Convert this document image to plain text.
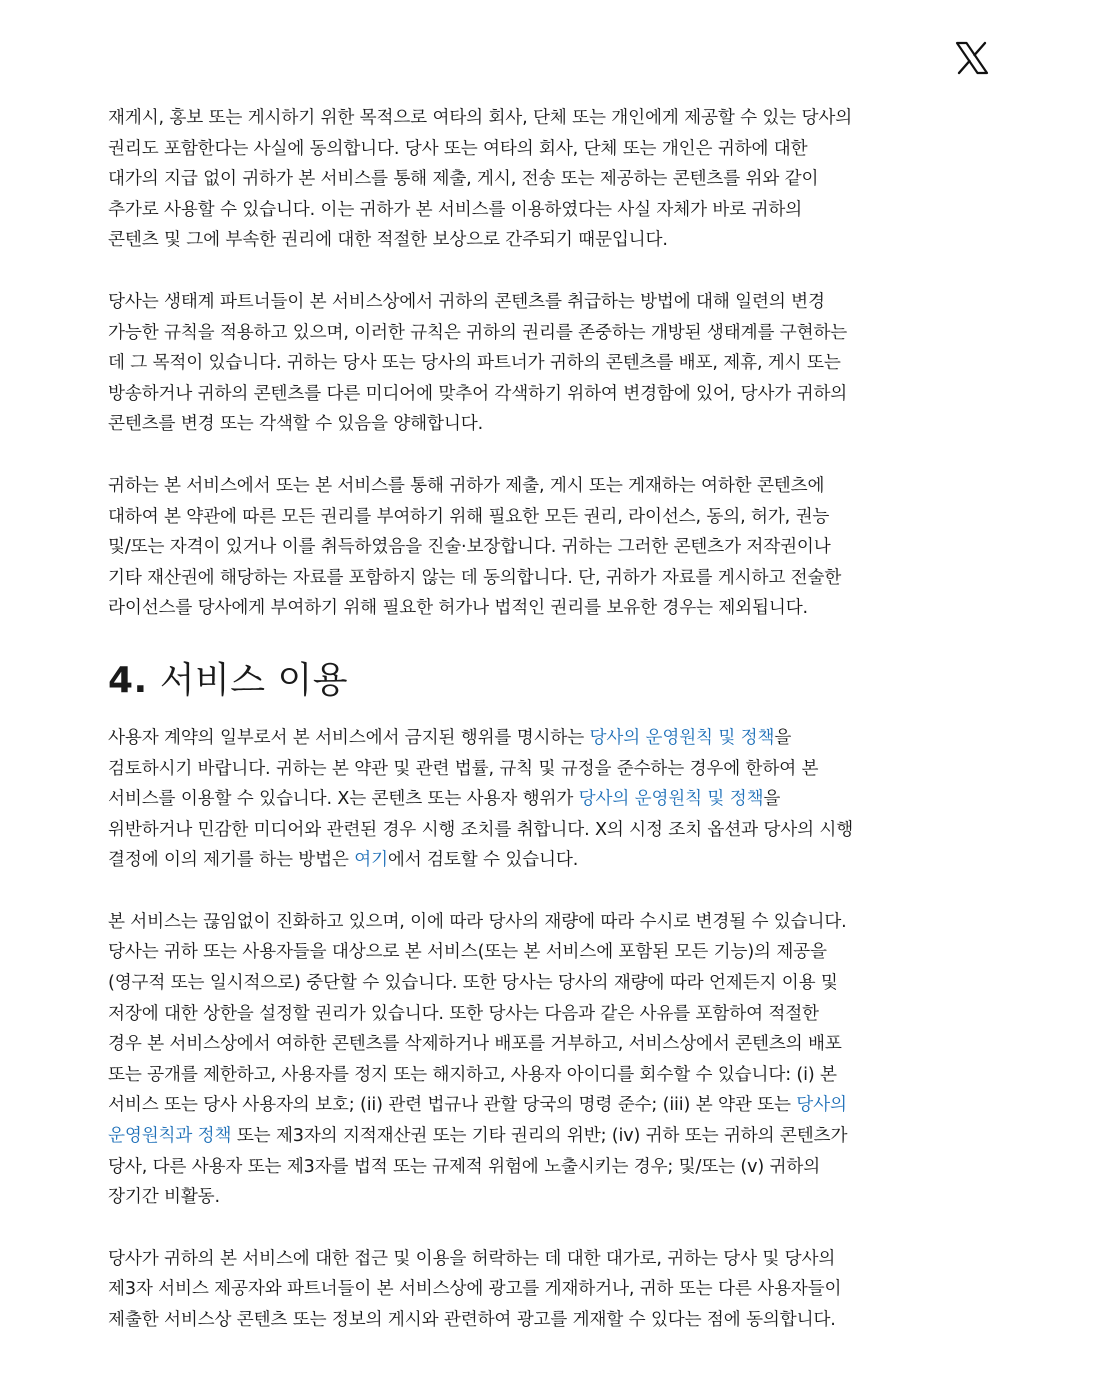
재게시, 홍보 또는 게시하기 위한 목적으로 여타의 회사, 단체 또는 개인에게 제공할 수 있는 당사의
권리도 포함한다는 사실에 동의합니다. 당사 또는 여타의 회사, 단체 또는 개인은 귀하에 대한
대가의 지급 없이 귀하가 본 서비스를 통해 제출, 게시, 전송 또는 제공하는 콘텐츠를 위와 같이
추가로 사용할 수 있습니다. 이는 귀하가 본 서비스를 이용하였다는 사실 자체가 바로 귀하의
콘텐츠 및 그에 부속한 권리에 대한 적절한 보상으로 간주되기 때문입니다.

당사는 생태계 파트너들이 본 서비스상에서 귀하의 콘텐츠를 취급하는 방법에 대해 일련의 변경
가능한 규칙을 적용하고 있으며, 이러한 규칙은 귀하의 권리를 존중하는 개방된 생태계를 구현하는
데 그 목적이 있습니다. 귀하는 당사 또는 당사의 파트너가 귀하의 콘텐츠를 배포, 제휴, 게시 또는
방송하거나 귀하의 콘텐츠를 다른 미디어에 맞추어 각색하기 위하여 변경함에 있어, 당사가 귀하의
콘텐츠를 변경 또는 각색할 수 있음을 양해합니다.

귀하는 본 서비스에서 또는 본 서비스를 통해 귀하가 제출, 게시 또는 게재하는 여하한 콘텐츠에
대하여 본 약관에 따른 모든 권리를 부여하기 위해 필요한 모든 권리, 라이선스, 동의, 허가, 권능
및/또는 자격이 있거나 이를 취득하였음을 진술·보장합니다. 귀하는 그러한 콘텐츠가 저작권이나
기타 재산권에 해당하는 자료를 포함하지 않는 데 동의합니다. 단, 귀하가 자료를 게시하고 전술한
라이선스를 당사에게 부여하기 위해 필요한 허가나 법적인 권리를 보유한 경우는 제외됩니다.

4. 서비스 이용

사용자 계약의 일부로서 본 서비스에서 금지된 행위를 명시하는 당사의 운영원칙 및 정책을
검토하시기 바랍니다. 귀하는 본 약관 및 관련 법률, 규칙 및 규정을 준수하는 경우에 한하여 본
서비스를 이용할 수 있습니다. X는 콘텐츠 또는 사용자 행위가 당사의 운영원칙 및 정책을
위반하거나 민감한 미디어와 관련된 경우 시행 조치를 취합니다. X의 시정 조치 옵션과 당사의 시행
결정에 이의 제기를 하는 방법은 여기에서 검토할 수 있습니다.

본 서비스는 끊임없이 진화하고 있으며, 이에 따라 당사의 재량에 따라 수시로 변경될 수 있습니다.
당사는 귀하 또는 사용자들을 대상으로 본 서비스(또는 본 서비스에 포함된 모든 기능)의 제공을
(영구적 또는 일시적으로) 중단할 수 있습니다. 또한 당사는 당사의 재량에 따라 언제든지 이용 및
저장에 대한 상한을 설정할 권리가 있습니다. 또한 당사는 다음과 같은 사유를 포함하여 적절한
경우 본 서비스상에서 여하한 콘텐츠를 삭제하거나 배포를 거부하고, 서비스상에서 콘텐츠의 배포
또는 공개를 제한하고, 사용자를 정지 또는 해지하고, 사용자 아이디를 회수할 수 있습니다: (i) 본
서비스 또는 당사 사용자의 보호; (ii) 관련 법규나 관할 당국의 명령 준수; (iii) 본 약관 또는 당사의
운영원칙과 정책 또는 제3자의 지적재산권 또는 기타 권리의 위반; (iv) 귀하 또는 귀하의 콘텐츠가
당사, 다른 사용자 또는 제3자를 법적 또는 규제적 위험에 노출시키는 경우; 및/또는 (v) 귀하의
장기간 비활동.

당사가 귀하의 본 서비스에 대한 접근 및 이용을 허락하는 데 대한 대가로, 귀하는 당사 및 당사의
제3자 서비스 제공자와 파트너들이 본 서비스상에 광고를 게재하거나, 귀하 또는 다른 사용자들이
제출한 서비스상 콘텐츠 또는 정보의 게시와 관련하여 광고를 게재할 수 있다는 점에 동의합니다.
